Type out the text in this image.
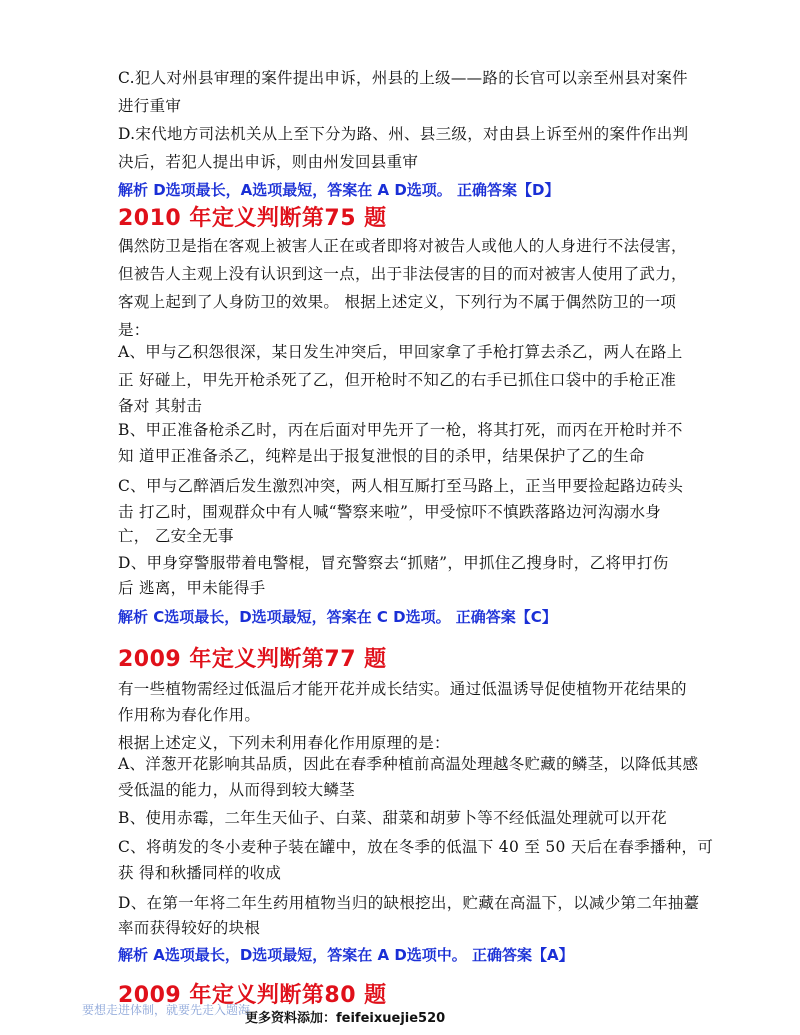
C.犯人对州县审理的案件提出申诉，州县的上级——路的长官可以亲至州县对案件
进行重审
D.宋代地方司法机关从上至下分为路、州、县三级，对由县上诉至州的案件作出判
决后，若犯人提出申诉，则由州发回县重审
解析 D选项最长，A选项最短，答案在 A D选项。 正确答案【D】
2010 年定义判断第75 题
偶然防卫是指在客观上被害人正在或者即将对被告人或他人的人身进行不法侵害，
但被告人主观上没有认识到这一点，出于非法侵害的目的而对被害人使用了武力，
客观上起到了人身防卫的效果。 根据上述定义，下列行为不属于偶然防卫的一项
是：
A、甲与乙积怨很深，某日发生冲突后，甲回家拿了手枪打算去杀乙，两人在路上
正 好碰上，甲先开枪杀死了乙，但开枪时不知乙的右手已抓住口袋中的手枪正准
备对 其射击
B、甲正准备枪杀乙时，丙在后面对甲先开了一枪，将其打死，而丙在开枪时并不
知 道甲正准备杀乙，纯粹是出于报复泄恨的目的杀甲，结果保护了乙的生命
C、甲与乙醉酒后发生激烈冲突，两人相互厮打至马路上，正当甲要捡起路边砖头
击 打乙时，围观群众中有人喊“警察来啦”，甲受惊吓不慎跌落路边河沟溺水身
亡， 乙安全无事
D、甲身穿警服带着电警棍，冒充警察去“抓赌”，甲抓住乙搜身时，乙将甲打伤
后 逃离，甲未能得手
解析 C选项最长，D选项最短，答案在 C D选项。 正确答案【C】
2009 年定义判断第77 题
有一些植物需经过低温后才能开花并成长结实。通过低温诱导促使植物开花结果的
作用称为春化作用。
根据上述定义，下列未利用春化作用原理的是：
A、洋葱开花影响其品质，因此在春季种植前高温处理越冬贮藏的鳞茎，以降低其感
受低温的能力，从而得到较大鳞茎
B、使用赤霉，二年生天仙子、白菜、甜菜和胡萝卜等不经低温处理就可以开花
C、将萌发的冬小麦种子装在罐中，放在冬季的低温下 40 至 50 天后在春季播种，可
获 得和秋播同样的收成
D、在第一年将二年生药用植物当归的缺根挖出，贮藏在高温下，以减少第二年抽薹
率而获得较好的块根
解析 A选项最长，D选项最短，答案在 A D选项中。 正确答案【A】
2009 年定义判断第80 题
要想走进体制，就要先走入题海
更多资料添加：feifeixuejie520
